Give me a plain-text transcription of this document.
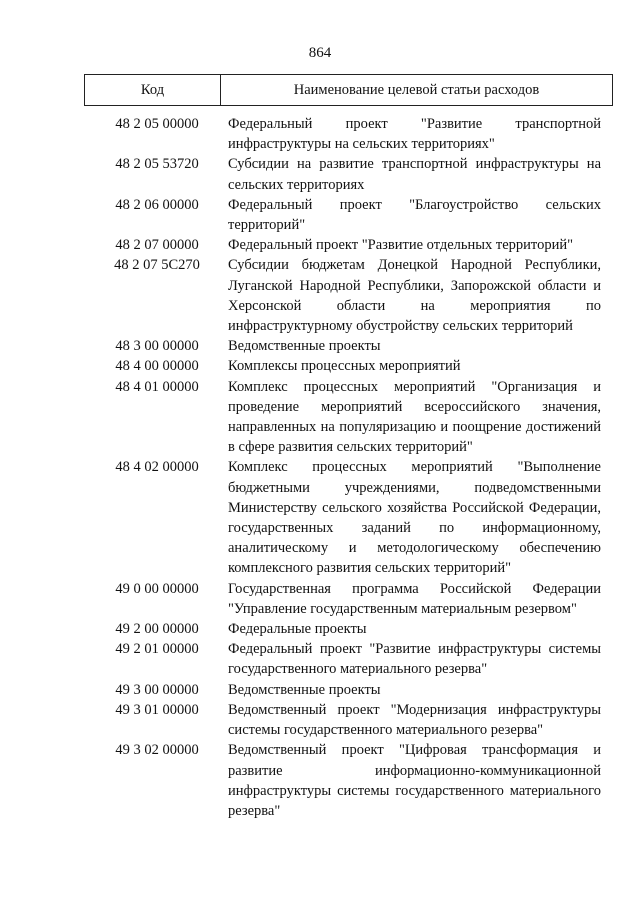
864
Код	Наименование целевой статьи расходов
48 2 05 00000	Федеральный проект "Развитие транспортной инфраструктуры на сельских территориях"
48 2 05 53720	Субсидии на развитие транспортной инфраструктуры на сельских территориях
48 2 06 00000	Федеральный проект "Благоустройство сельских территорий"
48 2 07 00000	Федеральный проект "Развитие отдельных территорий"
48 2 07 5C270	Субсидии бюджетам Донецкой Народной Республики, Луганской Народной Республики, Запорожской области и Херсонской области на мероприятия по инфраструктурному обустройству сельских территорий
48 3 00 00000	Ведомственные проекты
48 4 00 00000	Комплексы процессных мероприятий
48 4 01 00000	Комплекс процессных мероприятий "Организация и проведение мероприятий всероссийского значения, направленных на популяризацию и поощрение достижений в сфере развития сельских территорий"
48 4 02 00000	Комплекс процессных мероприятий "Выполнение бюджетными учреждениями, подведомственными Министерству сельского хозяйства Российской Федерации, государственных заданий по информационному, аналитическому и методологическому обеспечению комплексного развития сельских территорий"
49 0 00 00000	Государственная программа Российской Федерации "Управление государственным материальным резервом"
49 2 00 00000	Федеральные проекты
49 2 01 00000	Федеральный проект "Развитие инфраструктуры системы государственного материального резерва"
49 3 00 00000	Ведомственные проекты
49 3 01 00000	Ведомственный проект "Модернизация инфраструктуры системы государственного материального резерва"
49 3 02 00000	Ведомственный проект "Цифровая трансформация и развитие информационно-коммуникационной инфраструктуры системы государственного материального резерва"
